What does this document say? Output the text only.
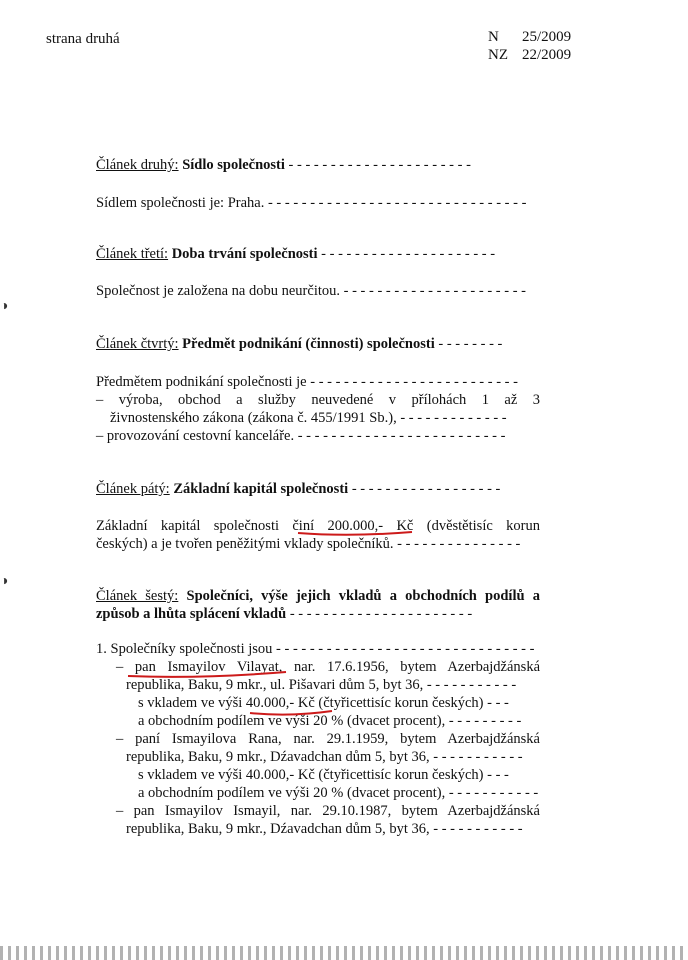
strana druhá	N 25/2009
NZ 22/2009
◑
◑
Článek druhý: Sídlo společnosti - - - - - - - - - - - - - - - - - - - - - -
Sídlem společnosti je: Praha. - - - - - - - - - - - - - - - - - - - - - - - - - - - - - - -
Článek třetí: Doba trvání společnosti - - - - - - - - - - - - - - - - - - - - -
Společnost je založena na dobu neurčitou. - - - - - - - - - - - - - - - - - - - - - -
Článek čtvrtý: Předmět podnikání (činnosti) společnosti - - - - - - - -
Předmětem podnikání společnosti je - - - - - - - - - - - - - - - - - - - - - - - - -
– výroba, obchod a služby neuvedené v přílohách 1 až 3
živnostenského zákona (zákona č. 455/1991 Sb.), - - - - - - - - - - - - -
– provozování cestovní kanceláře. - - - - - - - - - - - - - - - - - - - - - - - - -
Článek pátý: Základní kapitál společnosti - - - - - - - - - - - - - - - - - -
Základní kapitál společnosti činí 200.000,- Kč (dvěstětisíc korun
českých) a je tvořen peněžitými vklady společníků. - - - - - - - - - - - - - - -
Článek šestý: Společníci, výše jejich vkladů a obchodních podílů a
způsob a lhůta splácení vkladů - - - - - - - - - - - - - - - - - - - - - -
1. Společníky společnosti jsou - - - - - - - - - - - - - - - - - - - - - - - - - - - - - - -
– pan Ismayilov Vilayat, nar. 17.6.1956, bytem Azerbajdžánská
republika, Baku, 9 mkr., ul. Pišavari dům 5, byt 36, - - - - - - - - - - -
s vkladem ve výši 40.000,- Kč (čtyřicettisíc korun českých) - - -
a obchodním podílem ve výši 20 % (dvacet procent), - - - - - - - - -
– paní Ismayilova Rana, nar. 29.1.1959, bytem Azerbajdžánská
republika, Baku, 9 mkr., Dźavadchan dům 5, byt 36, - - - - - - - - - - -
s vkladem ve výši 40.000,- Kč (čtyřicettisíc korun českých) - - -
a obchodním podílem ve výši 20 % (dvacet procent), - - - - - - - - - - -
– pan Ismayilov Ismayil, nar. 29.10.1987, bytem Azerbajdžánská
republika, Baku, 9 mkr., Dźavadchan dům 5, byt 36, - - - - - - - - - - -
